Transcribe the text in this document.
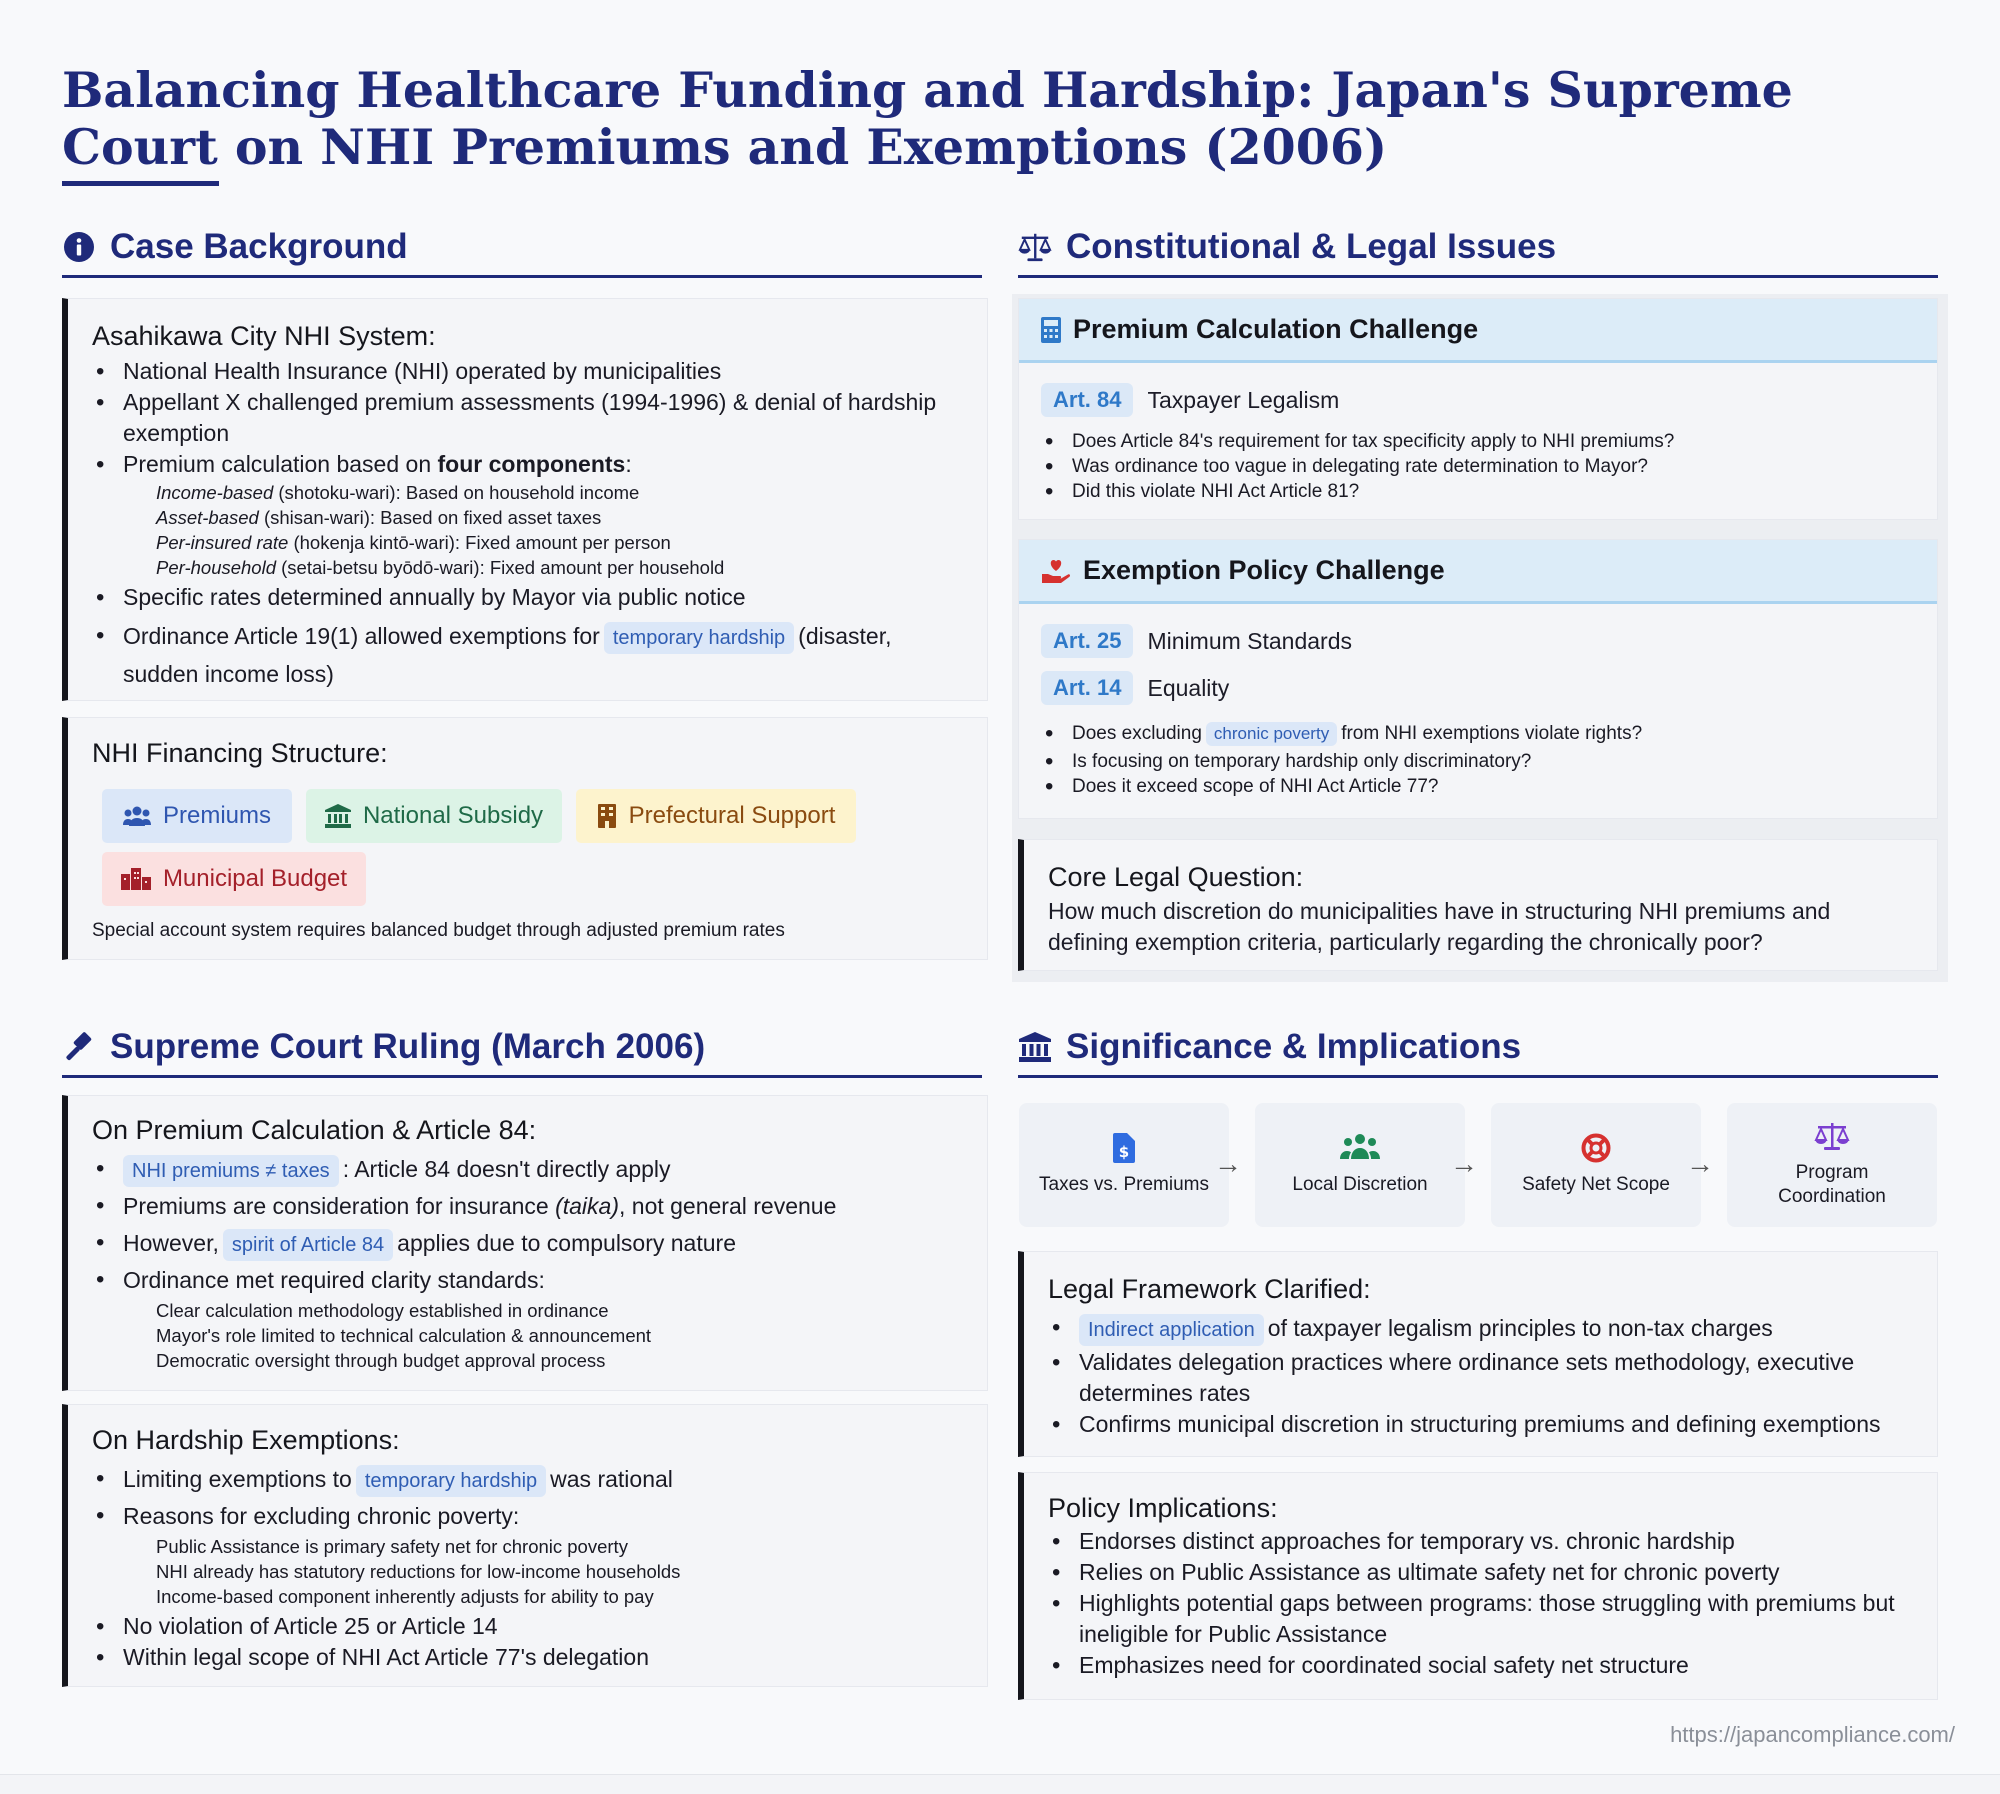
Balancing Healthcare Funding and Hardship: Japan's Supreme Court on NHI Premiums and Exemptions (2006)
Case Background
Asahikawa City NHI System:
• National Health Insurance (NHI) operated by municipalities
• Appellant X challenged premium assessments (1994-1996) & denial of hardship exemption
• Premium calculation based on four components:
Income-based (shotoku-wari): Based on household income
Asset-based (shisan-wari): Based on fixed asset taxes
Per-insured rate (hokenja kintō-wari): Fixed amount per person
Per-household (setai-betsu byōdō-wari): Fixed amount per household
• Specific rates determined annually by Mayor via public notice
• Ordinance Article 19(1) allowed exemptions for temporary hardship (disaster, sudden income loss)
NHI Financing Structure:
Premiums	National Subsidy	Prefectural Support
Municipal Budget
Special account system requires balanced budget through adjusted premium rates
Constitutional & Legal Issues
Premium Calculation Challenge
Art. 84	Taxpayer Legalism
• Does Article 84's requirement for tax specificity apply to NHI premiums?
• Was ordinance too vague in delegating rate determination to Mayor?
• Did this violate NHI Act Article 81?
Exemption Policy Challenge
Art. 25	Minimum Standards
Art. 14	Equality
• Does excluding chronic poverty from NHI exemptions violate rights?
• Is focusing on temporary hardship only discriminatory?
• Does it exceed scope of NHI Act Article 77?
Core Legal Question:
How much discretion do municipalities have in structuring NHI premiums and defining exemption criteria, particularly regarding the chronically poor?
Supreme Court Ruling (March 2006)
On Premium Calculation & Article 84:
• NHI premiums ≠ taxes : Article 84 doesn't directly apply
• Premiums are consideration for insurance (taika), not general revenue
• However, spirit of Article 84 applies due to compulsory nature
• Ordinance met required clarity standards:
Clear calculation methodology established in ordinance
Mayor's role limited to technical calculation & announcement
Democratic oversight through budget approval process
On Hardship Exemptions:
• Limiting exemptions to temporary hardship was rational
• Reasons for excluding chronic poverty:
Public Assistance is primary safety net for chronic poverty
NHI already has statutory reductions for low-income households
Income-based component inherently adjusts for ability to pay
• No violation of Article 25 or Article 14
• Within legal scope of NHI Act Article 77's delegation
Significance & Implications
$
Taxes vs. Premiums
→
Local Discretion
→
Safety Net Scope
→	Program Coordination
Legal Framework Clarified:
• Indirect application of taxpayer legalism principles to non-tax charges
• Validates delegation practices where ordinance sets methodology, executive determines rates
• Confirms municipal discretion in structuring premiums and defining exemptions
Policy Implications:
• Endorses distinct approaches for temporary vs. chronic hardship
• Relies on Public Assistance as ultimate safety net for chronic poverty
• Highlights potential gaps between programs: those struggling with premiums but ineligible for Public Assistance
• Emphasizes need for coordinated social safety net structure
https://japancompliance.com/
